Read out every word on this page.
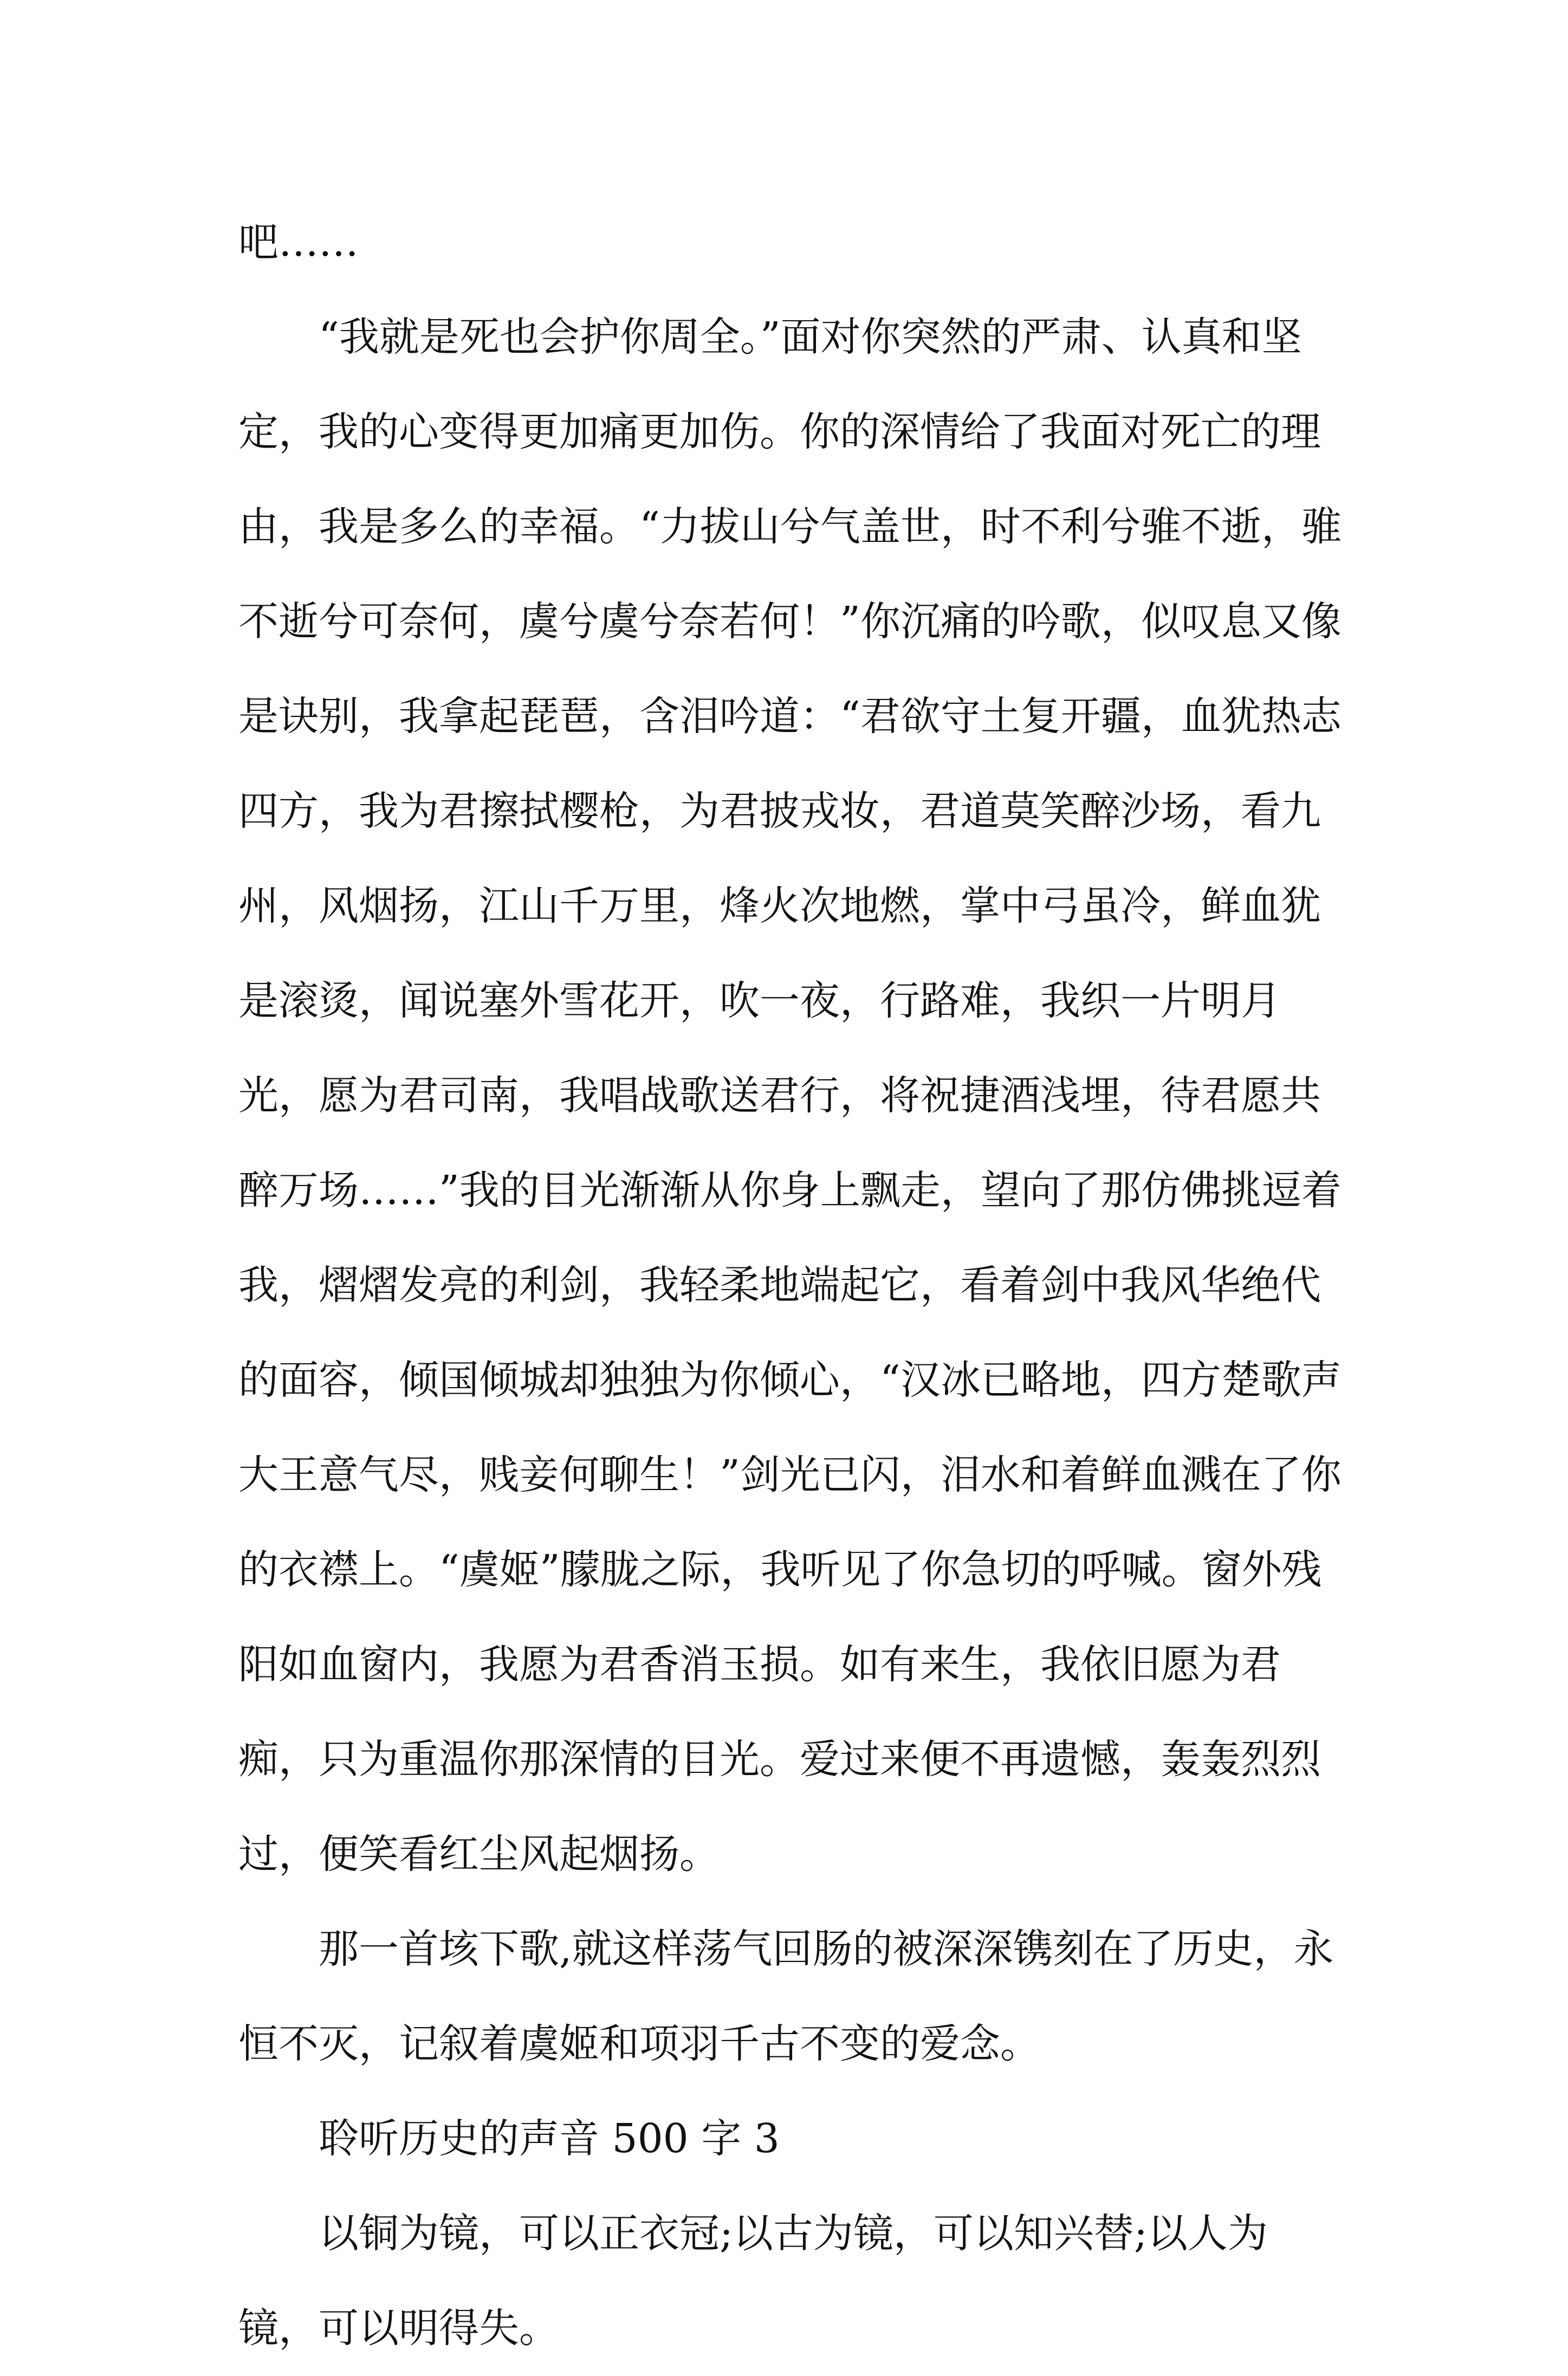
吧……

“我就是死也会护你周全。”面对你突然的严肃、认真和坚定，我的心变得更加痛更加伤。你的深情给了我面对死亡的理由，我是多么的幸福。“力拔山兮气盖世，时不利兮骓不逝，骓不逝兮可奈何，虞兮虞兮奈若何！”你沉痛的吟歌，似叹息又像是诀别，我拿起琵琶，含泪吟道：“君欲守土复开疆，血犹热志四方，我为君擦拭樱枪，为君披戎妆，君道莫笑醉沙场，看九州，风烟扬，江山千万里，烽火次地燃，掌中弓虽冷，鲜血犹是滚烫，闻说塞外雪花开，吹一夜，行路难，我织一片明月光，愿为君司南，我唱战歌送君行，将祝捷酒浅埋，待君愿共醉万场……”我的目光渐渐从你身上飘走，望向了那仿佛挑逗着我，熠熠发亮的利剑，我轻柔地端起它，看着剑中我风华绝代的面容，倾国倾城却独独为你倾心，“汉冰已略地，四方楚歌声大王意气尽，贱妾何聊生！”剑光已闪，泪水和着鲜血溅在了你的衣襟上。“虞姬”朦胧之际，我听见了你急切的呼喊。窗外残阳如血窗内，我愿为君香消玉损。如有来生，我依旧愿为君痴，只为重温你那深情的目光。爱过来便不再遗憾，轰轰烈烈过，便笑看红尘风起烟扬。

那一首垓下歌,就这样荡气回肠的被深深镌刻在了历史，永恒不灭，记叙着虞姬和项羽千古不变的爱念。

聆听历史的声音 500 字 3

以铜为镜，可以正衣冠;以古为镜，可以知兴替;以人为镜，可以明得失。
